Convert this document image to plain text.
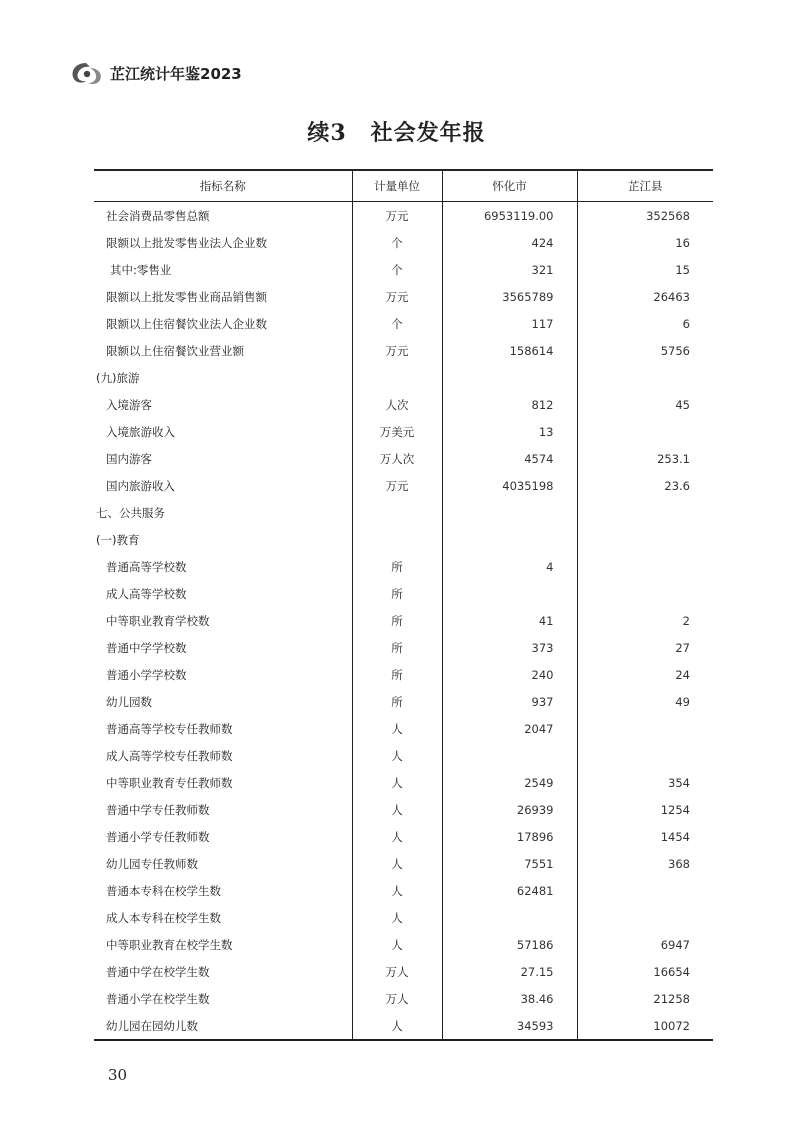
芷江统计年鉴2023
续3 社会发年报
指标名称	计量单位	怀化市	芷江县
社会消费品零售总额	万元	6953119.00	352568
限额以上批发零售业法人企业数	个	424	16
其中:零售业	个	321	15
限额以上批发零售业商品销售额	万元	3565789	26463
限额以上住宿餐饮业法人企业数	个	117	6
限额以上住宿餐饮业营业额	万元	158614	5756
(九)旅游			
入境游客	人次	812	45
入境旅游收入	万美元	13	
国内游客	万人次	4574	253.1
国内旅游收入	万元	4035198	23.6
七、公共服务			
(一)教育			
普通高等学校数	所	4	
成人高等学校数	所		
中等职业教育学校数	所	41	2
普通中学学校数	所	373	27
普通小学学校数	所	240	24
幼儿园数	所	937	49
普通高等学校专任教师数	人	2047	
成人高等学校专任教师数	人		
中等职业教育专任教师数	人	2549	354
普通中学专任教师数	人	26939	1254
普通小学专任教师数	人	17896	1454
幼儿园专任教师数	人	7551	368
普通本专科在校学生数	人	62481	
成人本专科在校学生数	人		
中等职业教育在校学生数	人	57186	6947
普通中学在校学生数	万人	27.15	16654
普通小学在校学生数	万人	38.46	21258
幼儿园在园幼儿数	人	34593	10072
30
